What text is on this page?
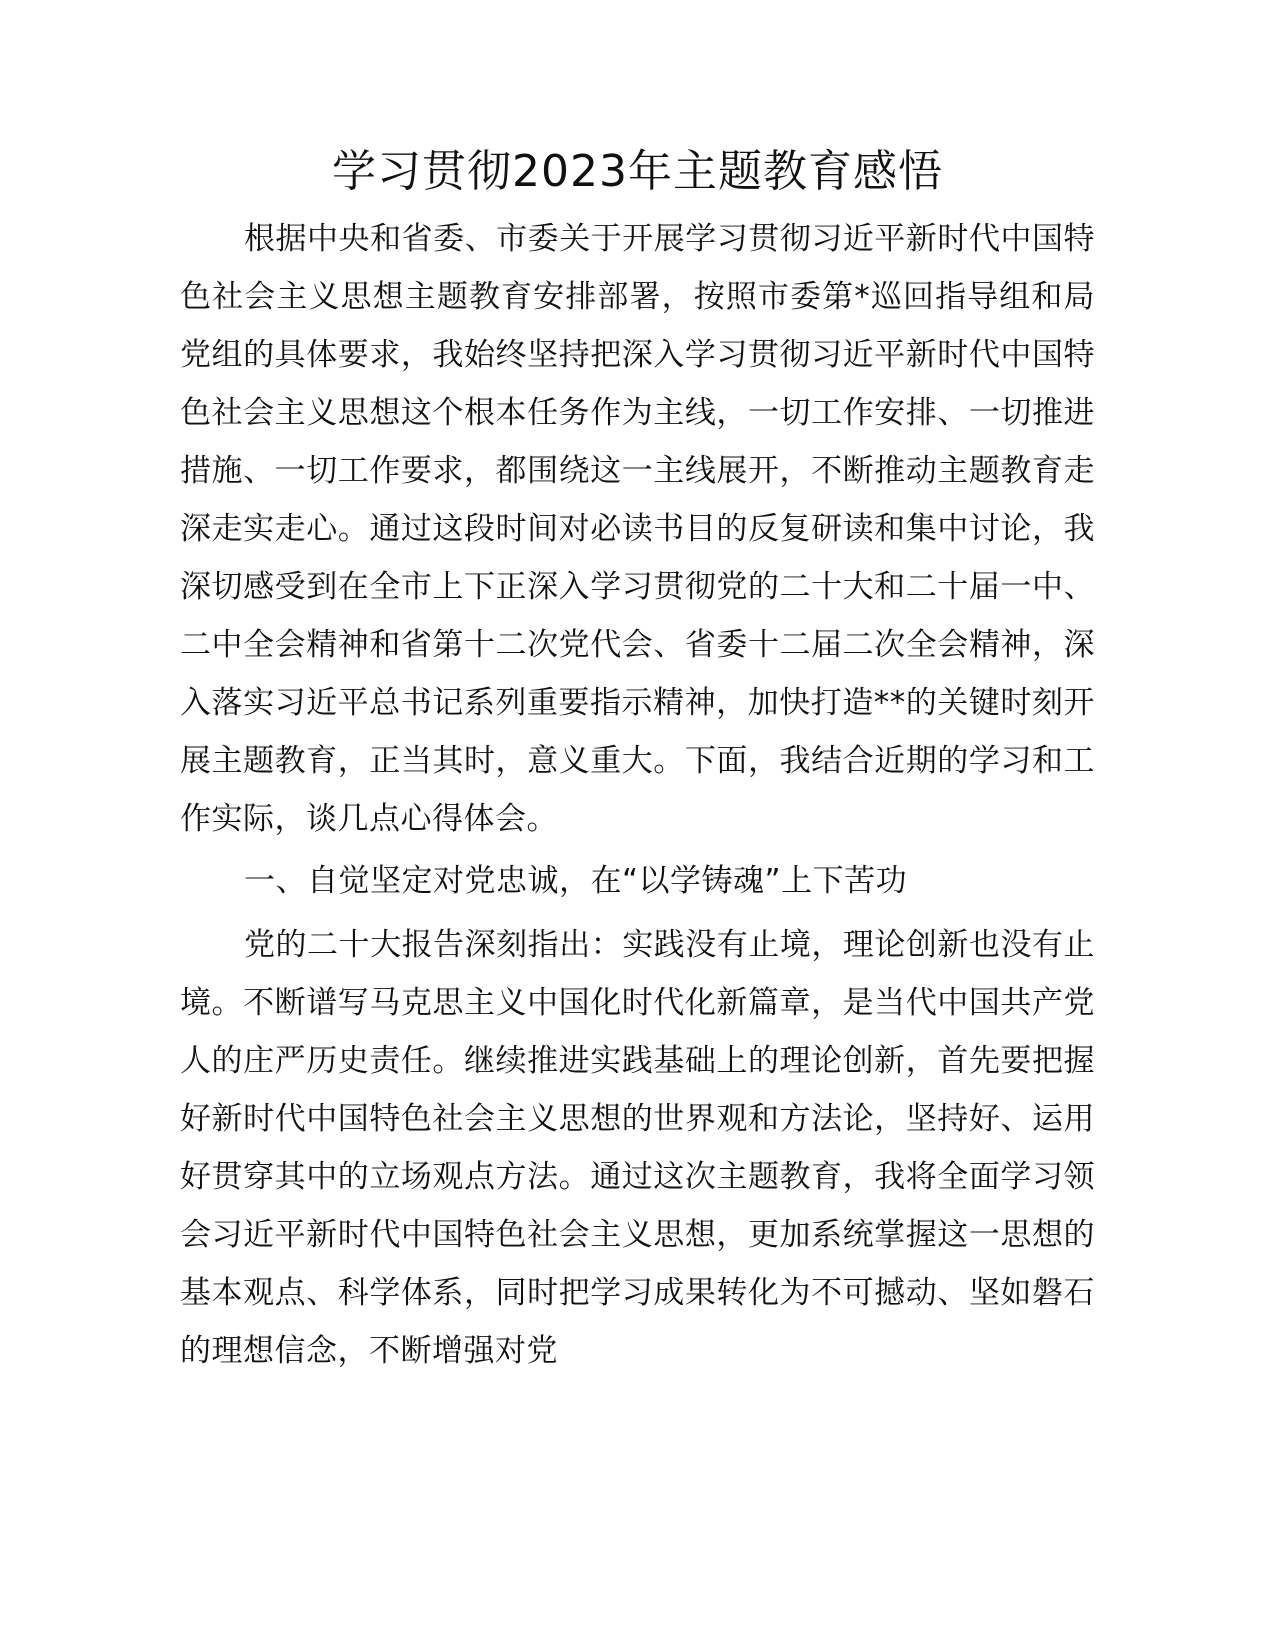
学习贯彻2023年主题教育感悟

根据中央和省委、市委关于开展学习贯彻习近平新时代中国特色社会主义思想主题教育安排部署，按照市委第*巡回指导组和局党组的具体要求，我始终坚持把深入学习贯彻习近平新时代中国特色社会主义思想这个根本任务作为主线，一切工作安排、一切推进措施、一切工作要求，都围绕这一主线展开，不断推动主题教育走深走实走心。通过这段时间对必读书目的反复研读和集中讨论，我深切感受到在全市上下正深入学习贯彻党的二十大和二十届一中、二中全会精神和省第十二次党代会、省委十二届二次全会精神，深入落实习近平总书记系列重要指示精神，加快打造**的关键时刻开展主题教育，正当其时，意义重大。下面，我结合近期的学习和工作实际，谈几点心得体会。

一、自觉坚定对党忠诚，在“以学铸魂”上下苦功

党的二十大报告深刻指出：实践没有止境，理论创新也没有止境。不断谱写马克思主义中国化时代化新篇章，是当代中国共产党人的庄严历史责任。继续推进实践基础上的理论创新，首先要把握好新时代中国特色社会主义思想的世界观和方法论，坚持好、运用好贯穿其中的立场观点方法。通过这次主题教育，我将全面学习领会习近平新时代中国特色社会主义思想，更加系统掌握这一思想的基本观点、科学体系，同时把学习成果转化为不可撼动、坚如磐石的理想信念，不断增强对党
